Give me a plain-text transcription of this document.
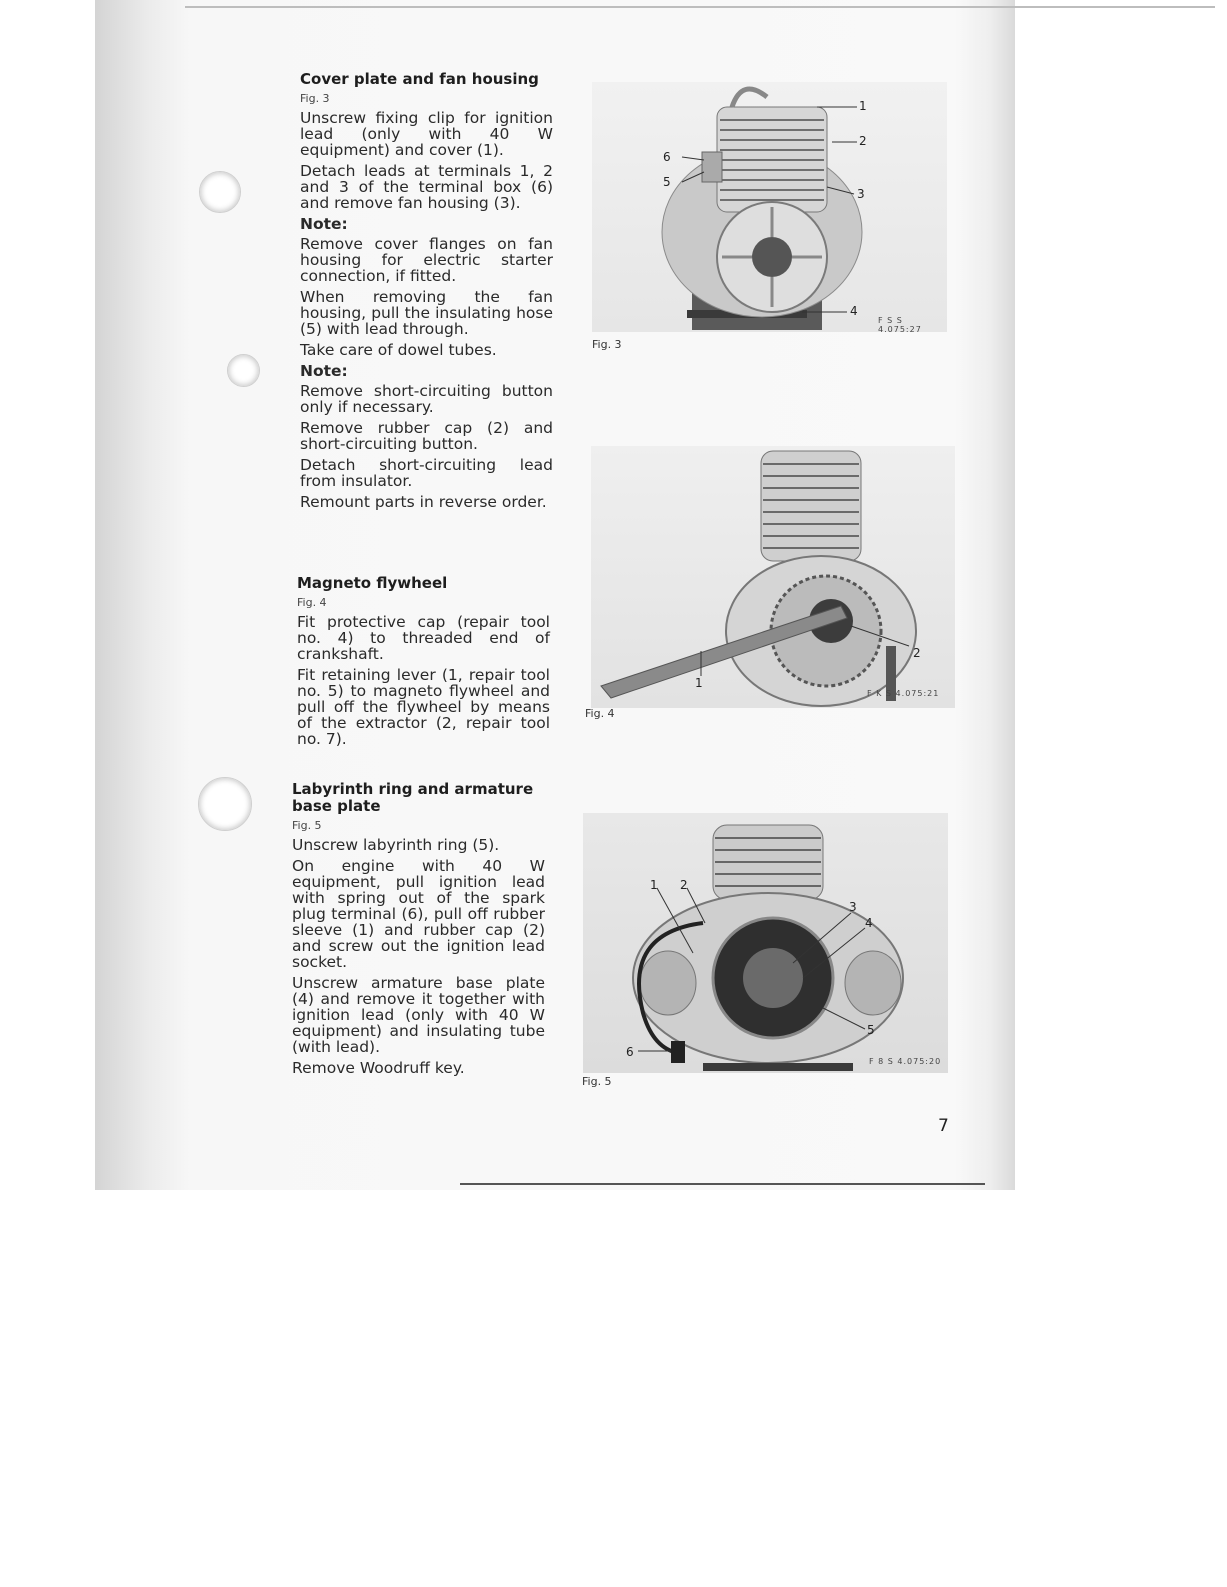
Cover plate and fan housing
Fig. 3

Unscrew fixing clip for ignition lead (only with 40 W equipment) and cover (1).

Detach leads at terminals 1, 2 and 3 of the terminal box (6) and remove fan housing (3).

Note:

Remove cover flanges on fan housing for electric starter connection, if fitted.

When removing the fan housing, pull the insulating hose (5) with lead through.

Take care of dowel tubes.

Note:

Remove short-circuiting button only if necessary.

Remove rubber cap (2) and short-circuiting button.

Detach short-circuiting lead from insulator.

Remount parts in reverse order.

Magneto flywheel
Fig. 4

Fit protective cap (repair tool no. 4) to threaded end of crankshaft.

Fit retaining lever (1, repair tool no. 5) to magneto flywheel and pull off the flywheel by means of the extractor (2, repair tool no. 7).

Labyrinth ring and armature
base plate
Fig. 5

Unscrew labyrinth ring (5).

On engine with 40 W equipment, pull ignition lead with spring out of the spark plug terminal (6), pull off rubber sleeve (1) and rubber cap (2) and screw out the ignition lead socket.

Unscrew armature base plate (4) and remove it together with ignition lead (only with 40 W equipment) and insulating tube (with lead).

Remove Woodruff key.

1
2
6
5
3
4
F S S 4.075:27
Fig. 3
2
1
F K S 4.075:21
Fig. 4
1 2
3
4
5
6
F 8 S 4.075:20
Fig. 5
7
